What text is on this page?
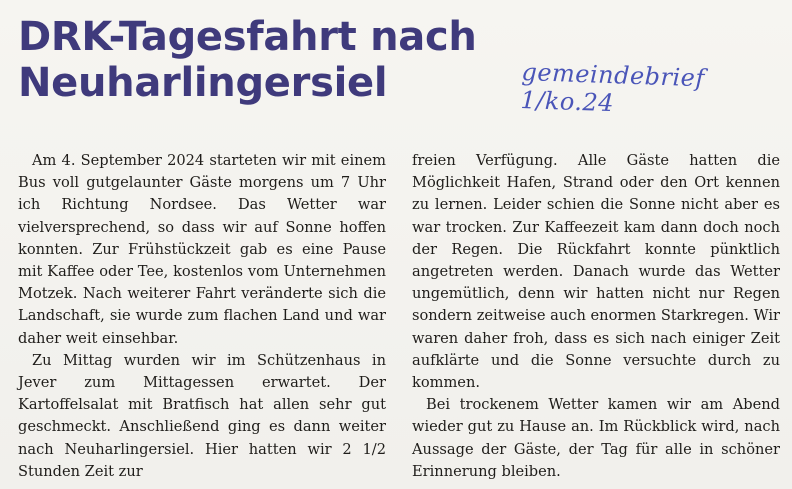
DRK-Tagesfahrt nach
Neuharlingersiel	gemeindebrief 1/ko.24

Am 4. September 2024 starteten wir mit einem Bus voll gutgelaunter Gäste morgens um 7 Uhr ich Richtung Nordsee. Das Wetter war vielversprechend, so dass wir auf Sonne hoffen konnten. Zur Frühstückzeit gab es eine Pause mit Kaffee oder Tee, kostenlos vom Unternehmen Motzek. Nach weiterer Fahrt veränderte sich die Landschaft, sie wurde zum flachen Land und war daher weit einsehbar.

Zu Mittag wurden wir im Schützenhaus in Jever zum Mittagessen erwartet. Der Kartoffelsalat mit Bratfisch hat allen sehr gut geschmeckt. Anschließend ging es dann weiter nach Neuharlingersiel. Hier hatten wir 2 1/2 Stunden Zeit zur

freien Verfügung. Alle Gäste hatten die Möglichkeit Hafen, Strand oder den Ort kennen zu lernen. Leider schien die Sonne nicht aber es war trocken. Zur Kaffeezeit kam dann doch noch der Regen. Die Rückfahrt konnte pünktlich angetreten werden. Danach wurde das Wetter ungemütlich, denn wir hatten nicht nur Regen sondern zeitweise auch enormen Starkregen. Wir waren daher froh, dass es sich nach einiger Zeit aufklärte und die Sonne versuchte durch zu kommen.

Bei trockenem Wetter kamen wir am Abend wieder gut zu Hause an. Im Rückblick wird, nach Aussage der Gäste, der Tag für alle in schöner Erinnerung bleiben.
